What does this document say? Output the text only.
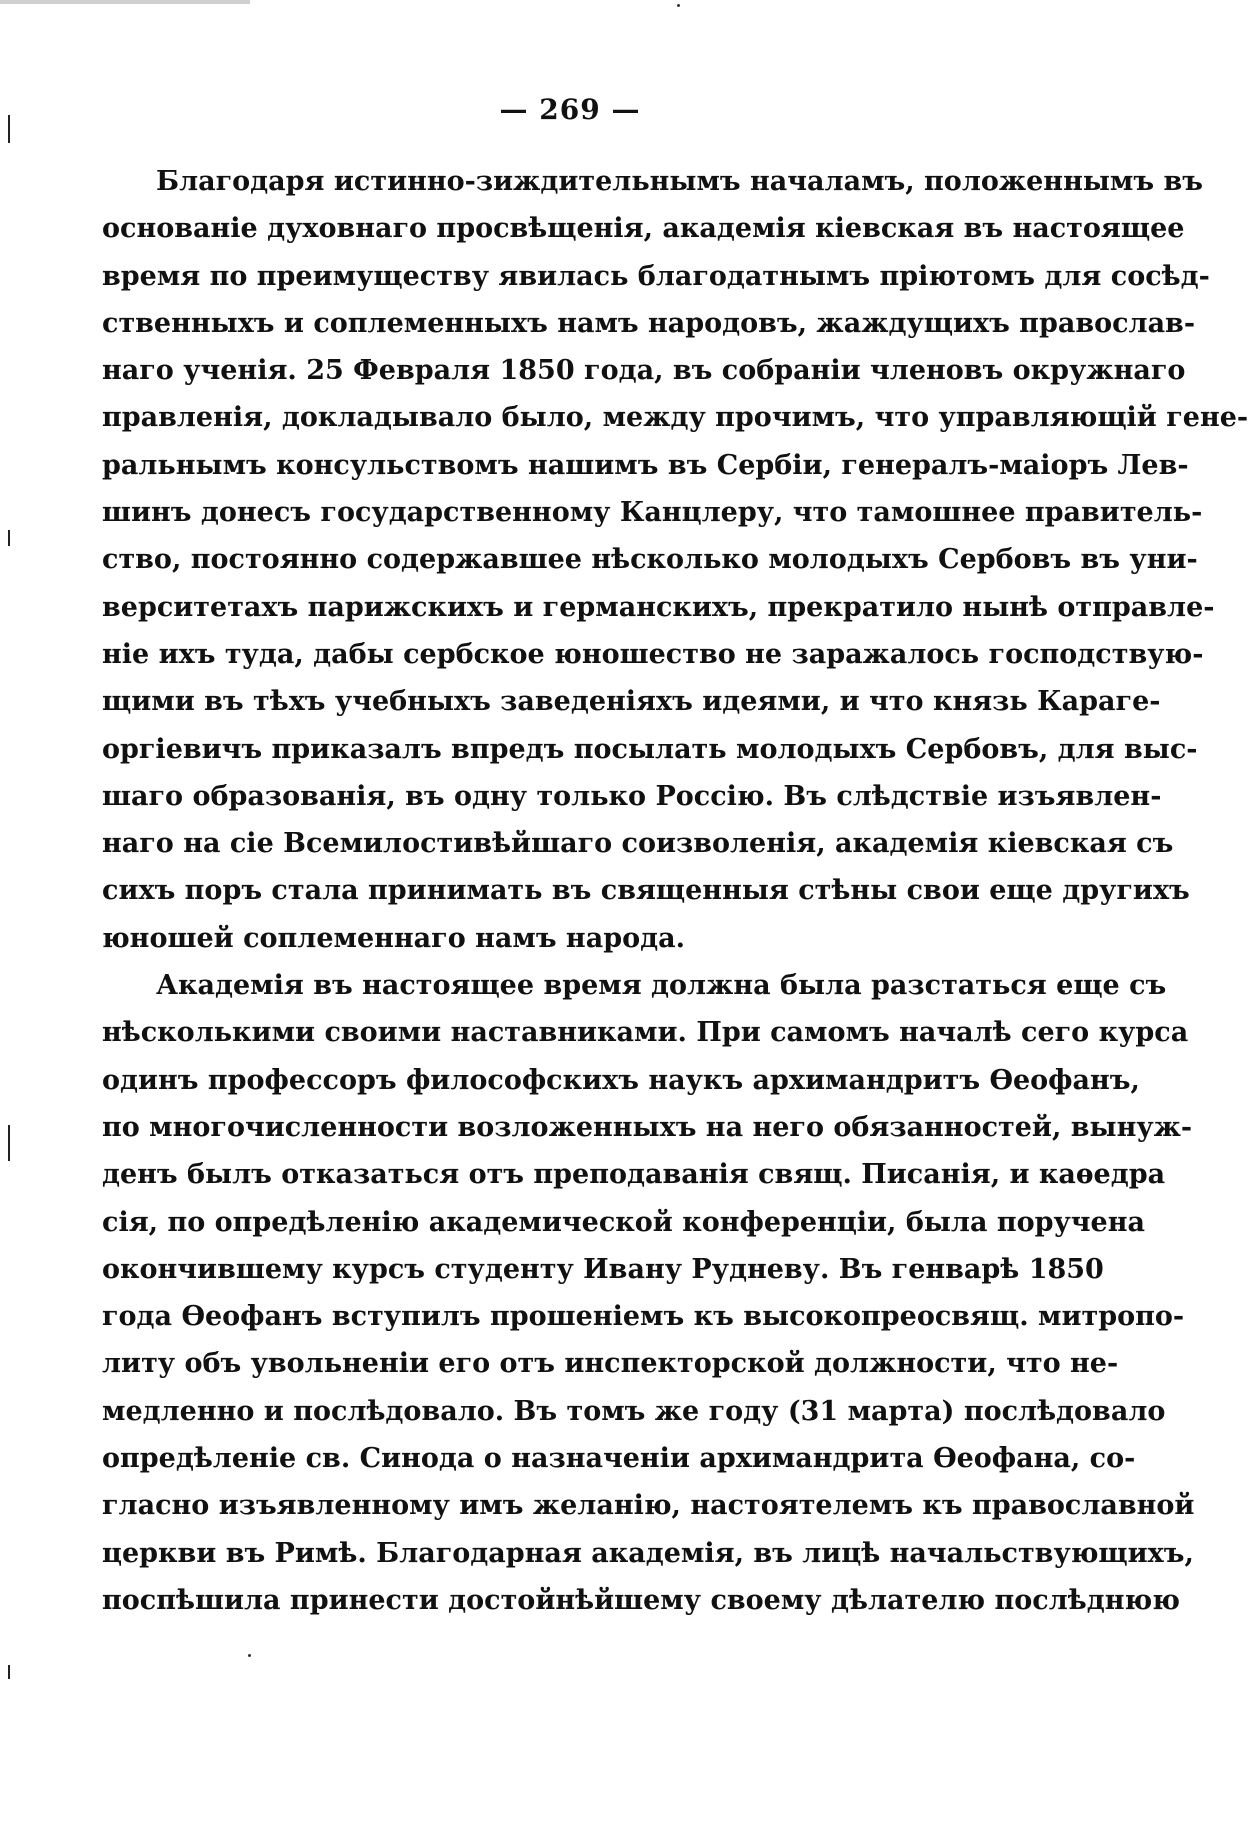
— 269 —
Благодаря истинно-зиждительнымъ началамъ, положеннымъ въ
основаніе духовнаго просвѣщенія, академія кіевская въ настоящее
время по преимуществу явилась благодатнымъ пріютомъ для сосѣд-
ственныхъ и соплеменныхъ намъ народовъ, жаждущихъ православ-
наго ученія. 25 Февраля 1850 года, въ собраніи членовъ окружнаго
правленія, докладывало было, между прочимъ, что управляющій гене-
ральнымъ консульствомъ нашимъ въ Сербіи, генералъ-маіоръ Лев-
шинъ донесъ государственному Канцлеру, что тамошнее правитель-
ство, постоянно содержавшее нѣсколько молодыхъ Сербовъ въ уни-
верситетахъ парижскихъ и германскихъ, прекратило нынѣ отправле-
ніе ихъ туда, дабы сербское юношество не заражалось господствую-
щими въ тѣхъ учебныхъ заведеніяхъ идеями, и что князь Караге-
оргіевичъ приказалъ впредъ посылать молодыхъ Сербовъ, для выс-
шаго образованія, въ одну только Россію. Въ слѣдствіе изъявлен-
наго на сіе Всемилостивѣйшаго соизволенія, академія кіевская съ
сихъ поръ стала принимать въ священныя стѣны свои еще другихъ
юношей соплеменнаго намъ народа.
Академія въ настоящее время должна была разстаться еще съ
нѣсколькими своими наставниками. При самомъ началѣ сего курса
одинъ профессоръ философскихъ наукъ архимандритъ Ѳеофанъ,
по многочисленности возложенныхъ на него обязанностей, вынуж-
денъ былъ отказаться отъ преподаванія свящ. Писанія, и каѳедра
сія, по опредѣленію академической конференціи, была поручена
окончившему курсъ студенту Ивану Рудневу. Въ генварѣ 1850
года Ѳеофанъ вступилъ прошеніемъ къ высокопреосвящ. митропо-
литу объ увольненіи его отъ инспекторской должности, что не-
медленно и послѣдовало. Въ томъ же году (31 марта) послѣдовало
опредѣленіе св. Синода о назначеніи архимандрита Ѳеофана, со-
гласно изъявленному имъ желанію, настоятелемъ къ православной
церкви въ Римѣ. Благодарная академія, въ лицѣ начальствующихъ,
поспѣшила принести достойнѣйшему своему дѣлателю послѣднюю
